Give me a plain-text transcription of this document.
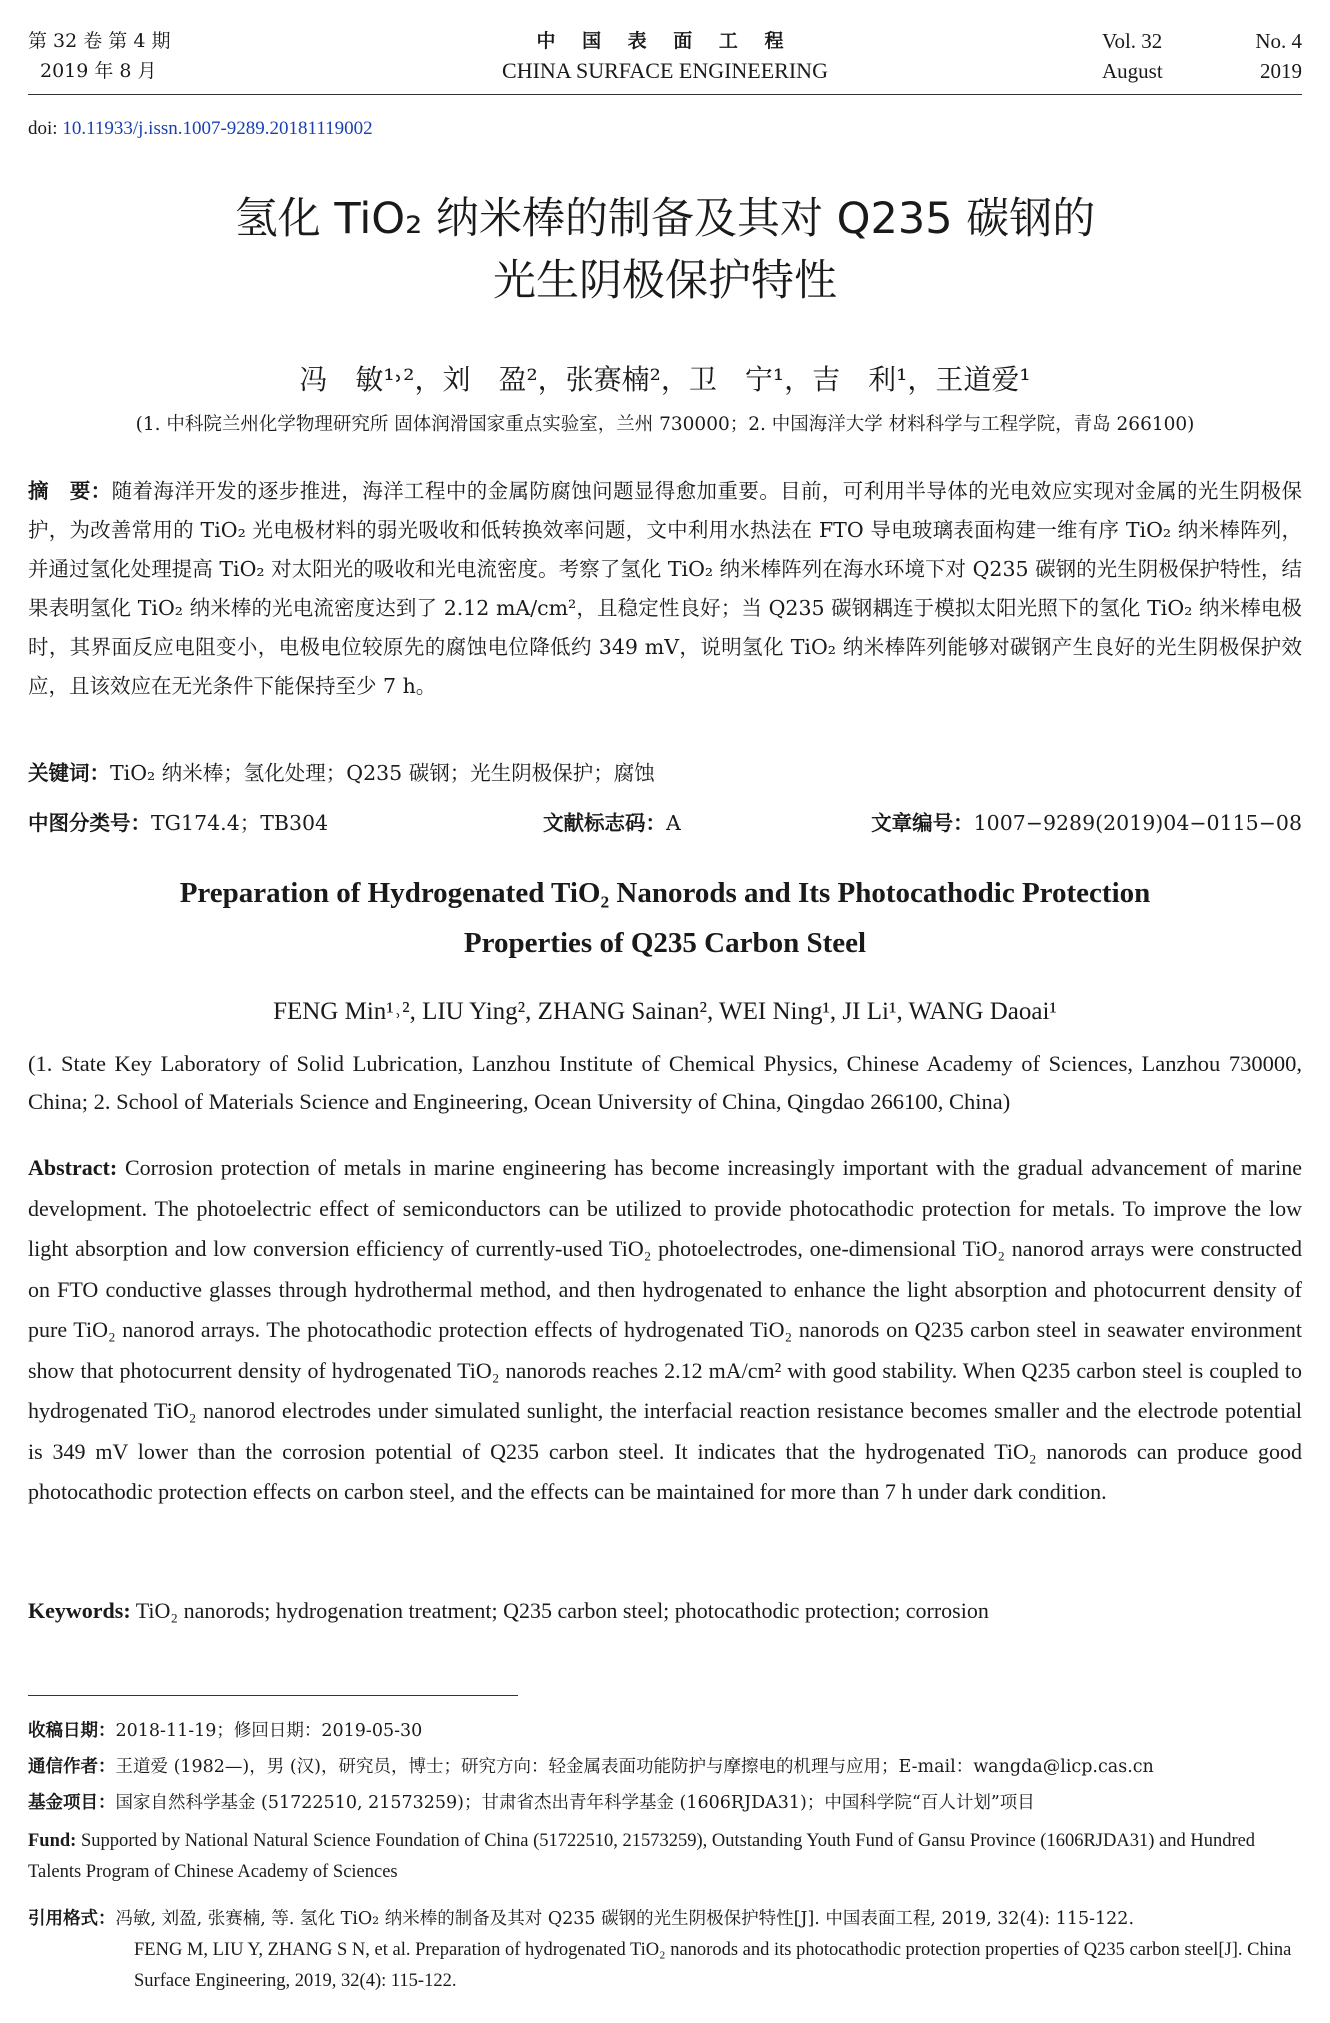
第 32 卷 第 4 期
2019 年 8 月
中 国 表 面 工 程
CHINA SURFACE ENGINEERING
Vol. 32	No. 4
August	2019
doi: 10.11933/j.issn.1007-9289.20181119002
氢化 TiO₂ 纳米棒的制备及其对 Q235 碳钢的
光生阴极保护特性
冯　敏¹˒²，刘　盈²，张赛楠²，卫　宁¹，吉　利¹，王道爱¹
(1. 中科院兰州化学物理研究所 固体润滑国家重点实验室，兰州 730000；2. 中国海洋大学 材料科学与工程学院，青岛 266100)
摘　要：随着海洋开发的逐步推进，海洋工程中的金属防腐蚀问题显得愈加重要。目前，可利用半导体的光电效应实现对金属的光生阴极保护，为改善常用的 TiO₂ 光电极材料的弱光吸收和低转换效率问题，文中利用水热法在 FTO 导电玻璃表面构建一维有序 TiO₂ 纳米棒阵列，并通过氢化处理提高 TiO₂ 对太阳光的吸收和光电流密度。考察了氢化 TiO₂ 纳米棒阵列在海水环境下对 Q235 碳钢的光生阴极保护特性，结果表明氢化 TiO₂ 纳米棒的光电流密度达到了 2.12 mA/cm²，且稳定性良好；当 Q235 碳钢耦连于模拟太阳光照下的氢化 TiO₂ 纳米棒电极时，其界面反应电阻变小，电极电位较原先的腐蚀电位降低约 349 mV，说明氢化 TiO₂ 纳米棒阵列能够对碳钢产生良好的光生阴极保护效应，且该效应在无光条件下能保持至少 7 h。
关键词：TiO₂ 纳米棒；氢化处理；Q235 碳钢；光生阴极保护；腐蚀
中图分类号：TG174.4；TB304	文献标志码：A	文章编号：1007−9289(2019)04−0115−08
Preparation of Hydrogenated TiO₂ Nanorods and Its Photocathodic Protection
Properties of Q235 Carbon Steel
FENG Min¹˒², LIU Ying², ZHANG Sainan², WEI Ning¹, JI Li¹, WANG Daoai¹
(1. State Key Laboratory of Solid Lubrication, Lanzhou Institute of Chemical Physics, Chinese Academy of Sciences, Lanzhou 730000, China; 2. School of Materials Science and Engineering, Ocean University of China, Qingdao 266100, China)
Abstract: Corrosion protection of metals in marine engineering has become increasingly important with the gradual advancement of marine development. The photoelectric effect of semiconductors can be utilized to provide photocathodic protection for metals. To improve the low light absorption and low conversion efficiency of currently-used TiO₂ photoelectrodes, one-dimensional TiO₂ nanorod arrays were constructed on FTO conductive glasses through hydrothermal method, and then hydrogenated to enhance the light absorption and photocurrent density of pure TiO₂ nanorod arrays. The photocathodic protection effects of hydrogenated TiO₂ nanorods on Q235 carbon steel in seawater environment show that photocurrent density of hydrogenated TiO₂ nanorods reaches 2.12 mA/cm² with good stability. When Q235 carbon steel is coupled to hydrogenated TiO₂ nanorod electrodes under simulated sunlight, the interfacial reaction resistance becomes smaller and the electrode potential is 349 mV lower than the corrosion potential of Q235 carbon steel. It indicates that the hydrogenated TiO₂ nanorods can produce good photocathodic protection effects on carbon steel, and the effects can be maintained for more than 7 h under dark condition.
Keywords: TiO₂ nanorods; hydrogenation treatment; Q235 carbon steel; photocathodic protection; corrosion
收稿日期：2018-11-19；修回日期：2019-05-30
通信作者：王道爱 (1982—)，男 (汉)，研究员，博士；研究方向：轻金属表面功能防护与摩擦电的机理与应用；E-mail：wangda@licp.cas.cn
基金项目：国家自然科学基金 (51722510, 21573259)；甘肃省杰出青年科学基金 (1606RJDA31)；中国科学院“百人计划”项目
Fund: Supported by National Natural Science Foundation of China (51722510, 21573259), Outstanding Youth Fund of Gansu Province (1606RJDA31) and Hundred Talents Program of Chinese Academy of Sciences
引用格式：冯敏, 刘盈, 张赛楠, 等. 氢化 TiO₂ 纳米棒的制备及其对 Q235 碳钢的光生阴极保护特性[J]. 中国表面工程, 2019, 32(4): 115-122.
FENG M, LIU Y, ZHANG S N, et al. Preparation of hydrogenated TiO₂ nanorods and its photocathodic protection properties of Q235 carbon steel[J]. China Surface Engineering, 2019, 32(4): 115-122.
